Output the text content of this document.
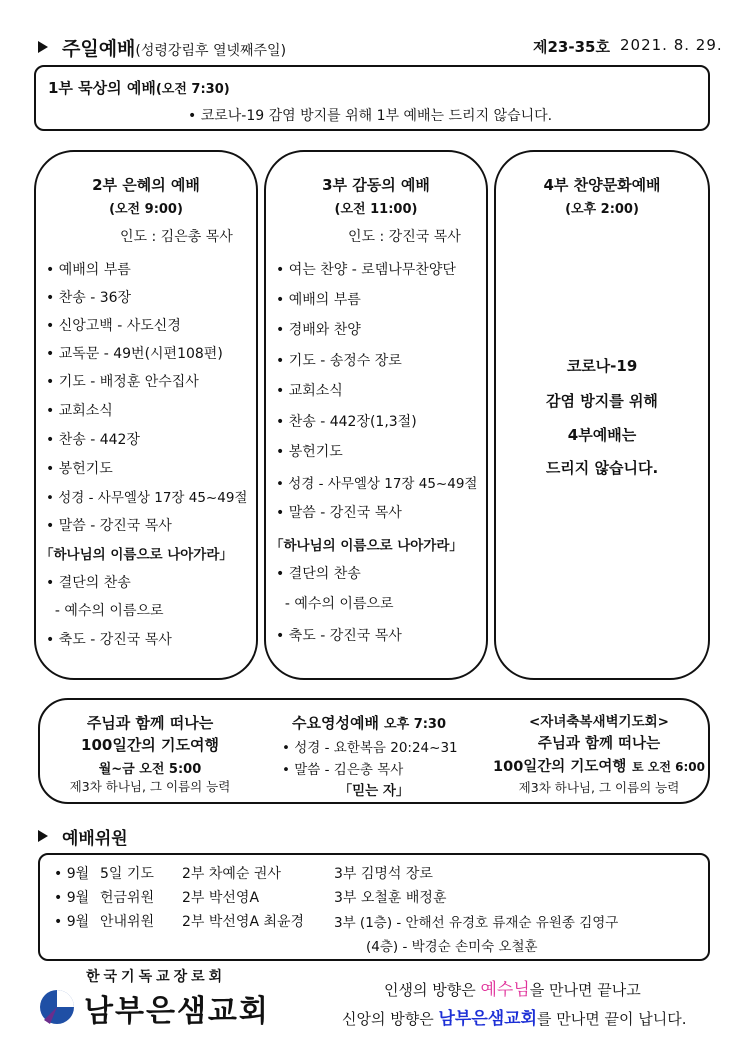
주일예배(성령강림후 열넷째주일)	제23-35호 2021. 8. 29.
1부 묵상의 예배(오전 7:30)
• 코로나-19 감염 방지를 위해 1부 예배는 드리지 않습니다.
2부 은혜의 예배
(오전 9:00)
인도 : 김은총 목사
• 예배의 부름
• 찬송 - 36장
• 신앙고백 - 사도신경
• 교독문 - 49번(시편108편)
• 기도 - 배정훈 안수집사
• 교회소식
• 찬송 - 442장
• 봉헌기도
• 성경 - 사무엘상 17장 45~49절
• 말씀 - 강진국 목사
「하나님의 이름으로 나아가라」
• 결단의 찬송
- 예수의 이름으로
• 축도 - 강진국 목사
3부 감동의 예배
(오전 11:00)
인도 : 강진국 목사
• 여는 찬양 - 로뎀나무찬양단
• 예배의 부름
• 경배와 찬양
• 기도 - 송정수 장로
• 교회소식
• 찬송 - 442장(1,3절)
• 봉헌기도
• 성경 - 사무엘상 17장 45~49절
• 말씀 - 강진국 목사
「하나님의 이름으로 나아가라」
• 결단의 찬송
- 예수의 이름으로
• 축도 - 강진국 목사
4부 찬양문화예배
(오후 2:00)
코로나-19
감염 방지를 위해
4부예배는
드리지 않습니다.
주님과 함께 떠나는
100일간의 기도여행
월~금 오전 5:00
제3차 하나님, 그 이름의 능력
수요영성예배 오후 7:30
• 성경 - 요한복음 20:24~31
• 말씀 - 김은총 목사
「믿는 자」
<자녀축복새벽기도회>
주님과 함께 떠나는
100일간의 기도여행 토 오전 6:00
제3차 하나님, 그 이름의 능력
예배위원
• 9월 5일 기도 2부 차예순 권사	3부 김명석 장로
• 9월 헌금위원 2부 박선영A	3부 오철훈 배정훈
• 9월 안내위원 2부 박선영A 최윤경 3부 (1층) - 안해선 유경호 류재순 유원종 김영구
(4층) - 박경순 손미숙 오철훈
한국기독교장로회
남부은샘교회
인생의 방향은 예수님을 만나면 끝나고
신앙의 방향은 남부은샘교회를 만나면 끝이 납니다.
